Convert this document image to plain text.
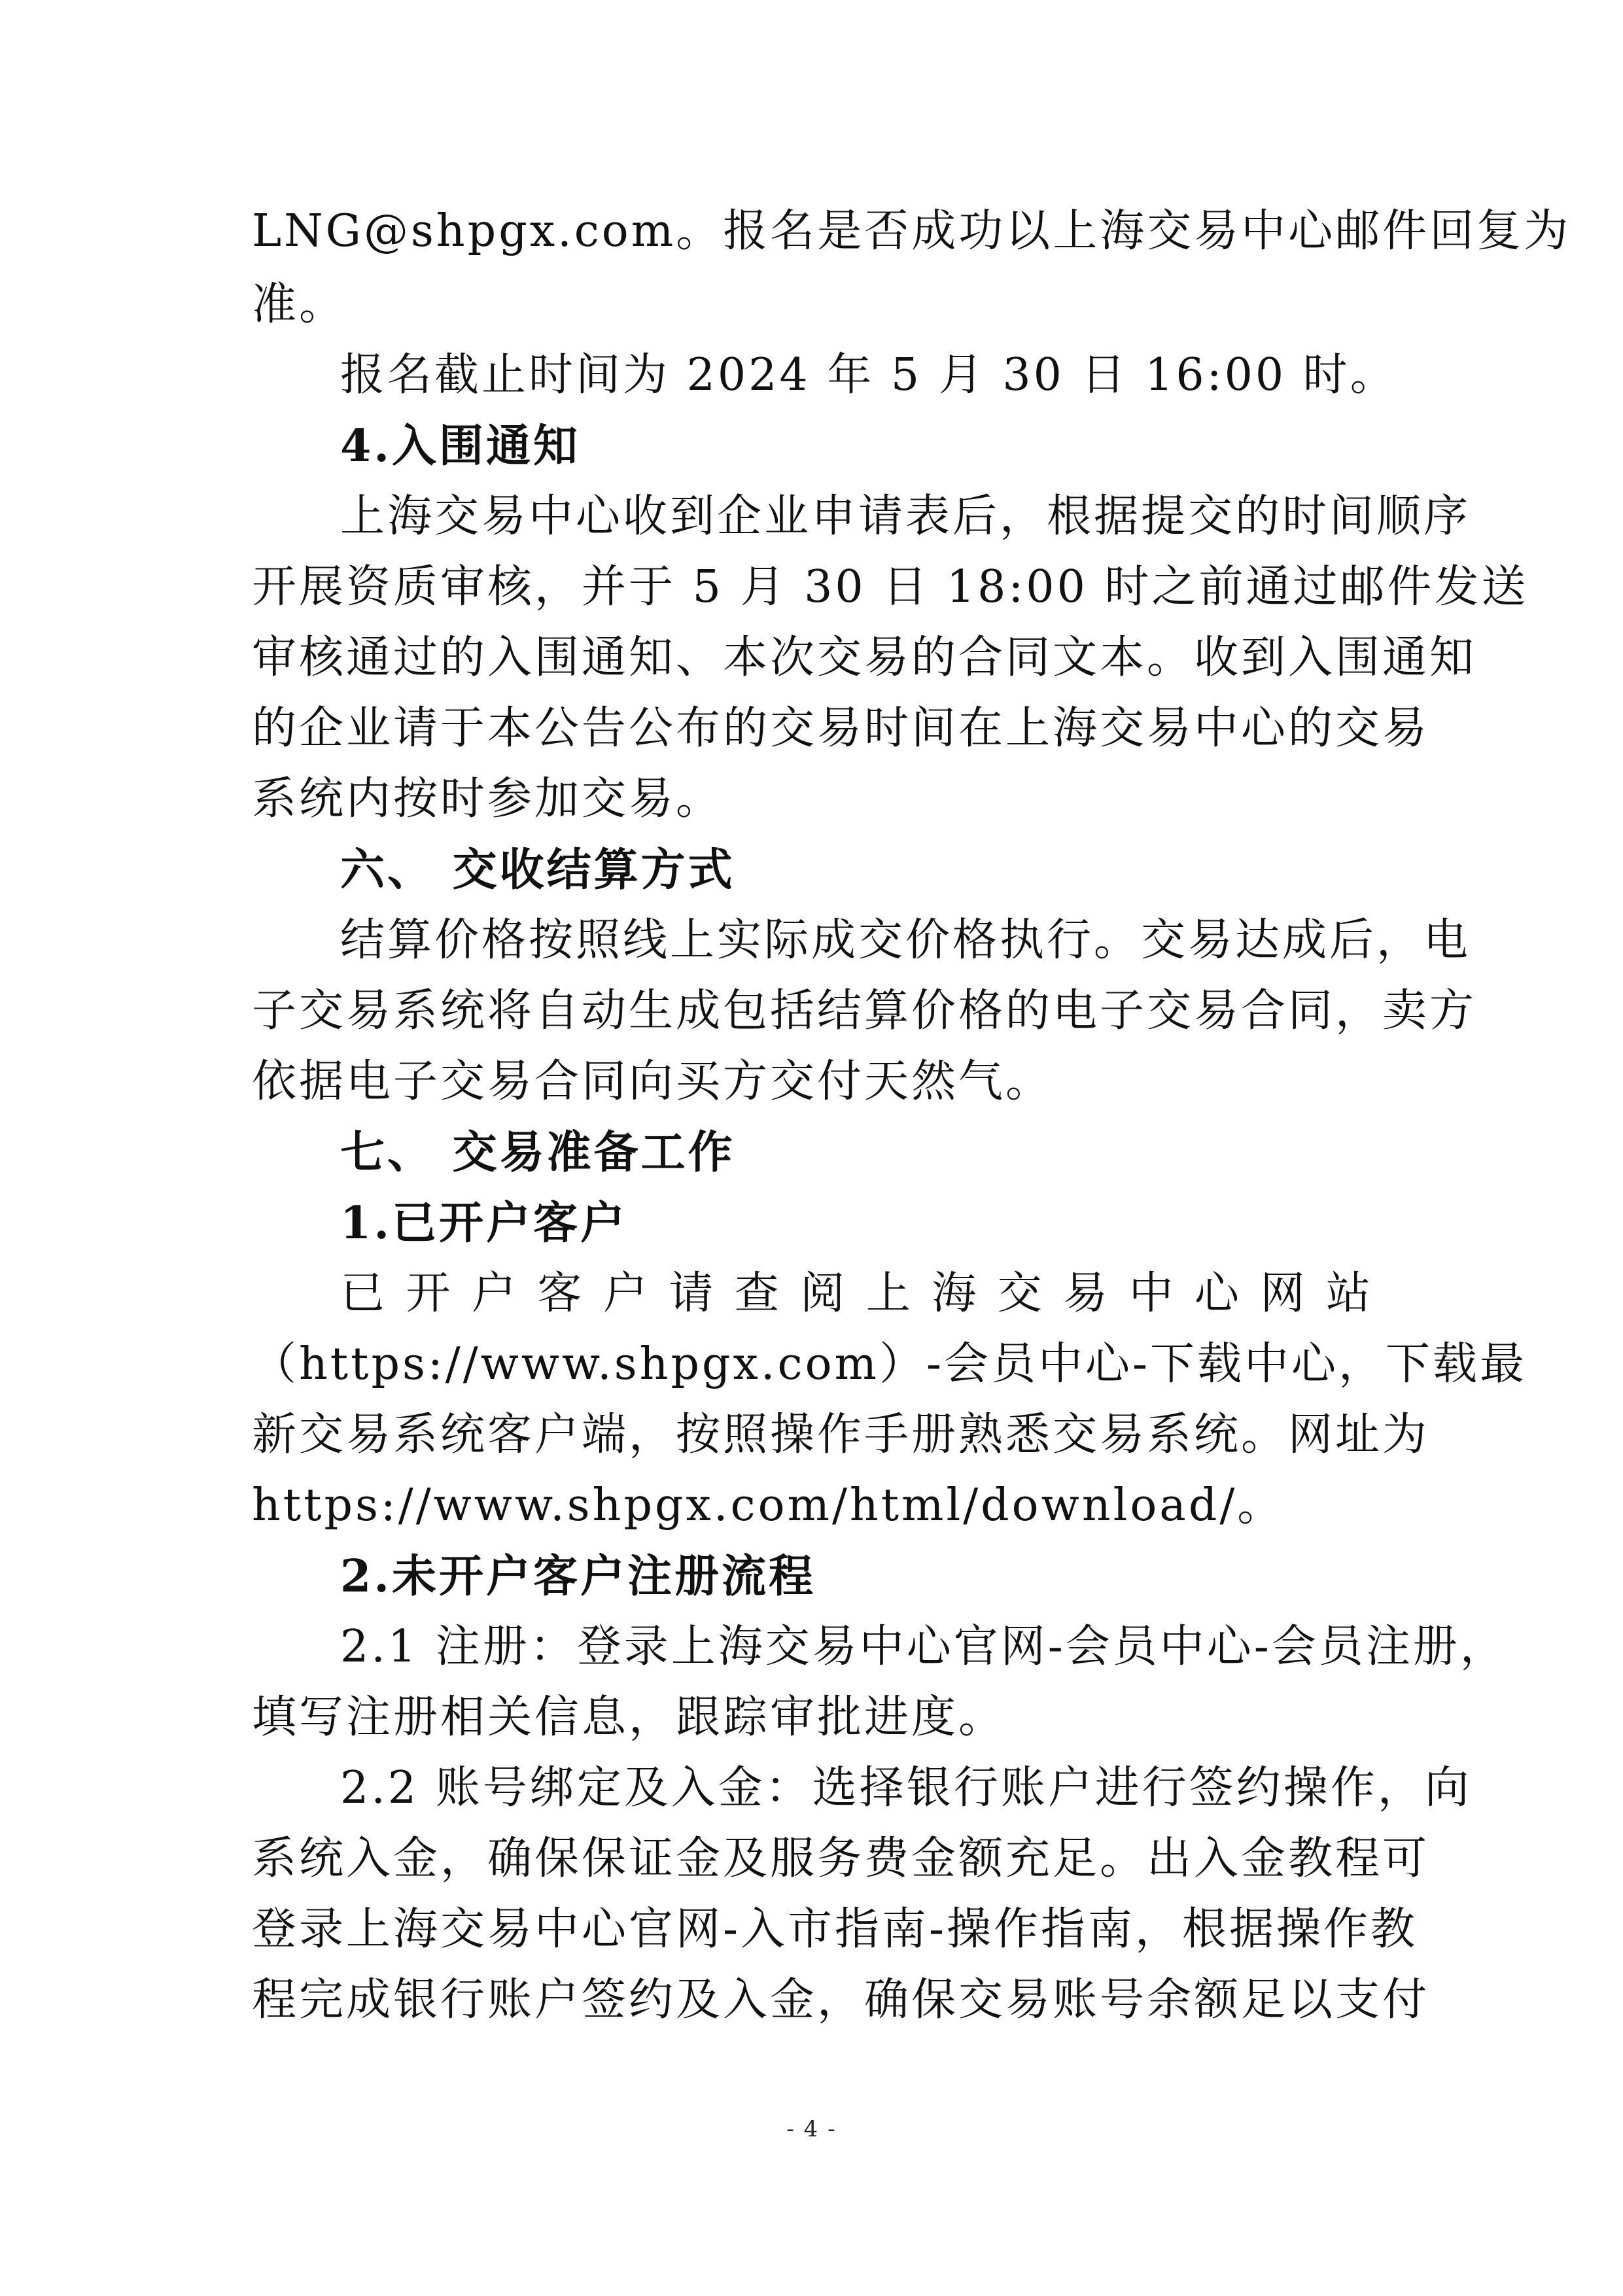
LNG@shpgx.com。报名是否成功以上海交易中心邮件回复为
准。
报名截止时间为 2024 年 5 月 30 日 16:00 时。
4.入围通知
上海交易中心收到企业申请表后，根据提交的时间顺序
开展资质审核，并于 5 月 30 日 18:00 时之前通过邮件发送
审核通过的入围通知、本次交易的合同文本。收到入围通知
的企业请于本公告公布的交易时间在上海交易中心的交易
系统内按时参加交易。
六、 交收结算方式
结算价格按照线上实际成交价格执行。交易达成后，电
子交易系统将自动生成包括结算价格的电子交易合同，卖方
依据电子交易合同向买方交付天然气。
七、 交易准备工作
1.已开户客户
已开户客户请查阅上海交易中心网站
（https://www.shpgx.com）-会员中心-下载中心，下载最
新交易系统客户端，按照操作手册熟悉交易系统。网址为
https://www.shpgx.com/html/download/。
2.未开户客户注册流程
2.1 注册：登录上海交易中心官网-会员中心-会员注册，
填写注册相关信息，跟踪审批进度。
2.2 账号绑定及入金：选择银行账户进行签约操作，向
系统入金，确保保证金及服务费金额充足。出入金教程可
登录上海交易中心官网-入市指南-操作指南，根据操作教
程完成银行账户签约及入金，确保交易账号余额足以支付
- 4 -
